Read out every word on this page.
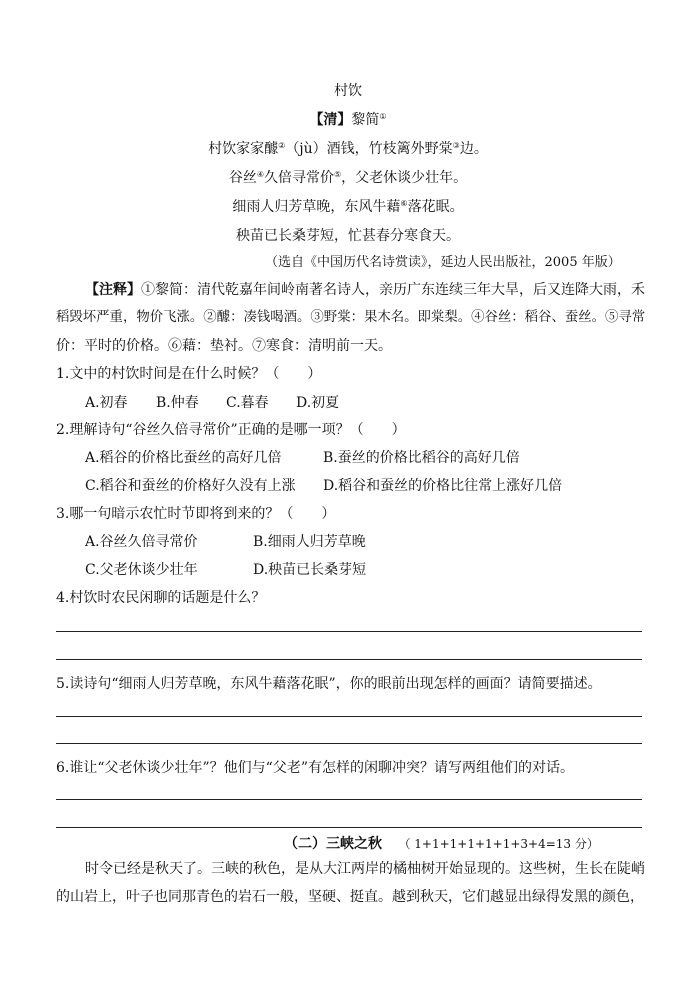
村饮
【清】黎简①
村饮家家醵②（jù）酒钱，竹枝篱外野棠③边。
谷丝④久倍寻常价⑤，父老休谈少壮年。
细雨人归芳草晚，东风牛藉⑥落花眠。
秧苗已长桑芽短，忙甚春分寒食天。
（选自《中国历代名诗赏读》，延边人民出版社，2005 年版）
【注释】①黎简：清代乾嘉年间岭南著名诗人，亲历广东连续三年大旱，后又连降大雨，禾
稻毁坏严重，物价飞涨。②醵：凑钱喝酒。③野棠：果木名。即棠梨。④谷丝：稻谷、蚕丝。⑤寻常
价：平时的价格。⑥藉：垫衬。⑦寒食：清明前一天。
1.文中的村饮时间是在什么时候？（　　）
A.初春 B.仲春 C.暮春 D.初夏
2.理解诗句“谷丝久倍寻常价”正确的是哪一项？（　　）
A.稻谷的价格比蚕丝的高好几倍	B.蚕丝的价格比稻谷的高好几倍
C.稻谷和蚕丝的价格好久没有上涨 D.稻谷和蚕丝的价格比往常上涨好几倍
3.哪一句暗示农忙时节即将到来的？（　　）
A.谷丝久倍寻常价	B.细雨人归芳草晚
C.父老休谈少壮年	D.秧苗已长桑芽短
4.村饮时农民闲聊的话题是什么？
5.读诗句“细雨人归芳草晚，东风牛藉落花眠”，你的眼前出现怎样的画面？请简要描述。
6.谁让“父老休谈少壮年”？他们与“父老”有怎样的闲聊冲突？请写两组他们的对话。
（二）三峡之秋 （ 1+1+1+1+1+1+3+4=13 分）
时令已经是秋天了。三峡的秋色，是从大江两岸的橘柚树开始显现的。这些树，生长在陡峭
的山岩上，叶子也同那青色的岩石一般，坚硬、挺直。越到秋天，它们越显出绿得发黑的颜色，
